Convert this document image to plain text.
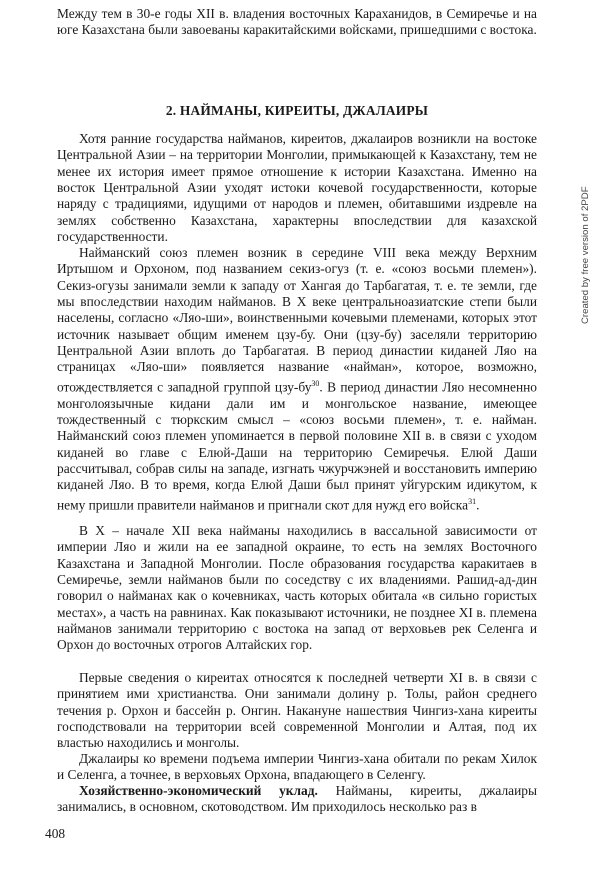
Между тем в 30-е годы XII в. владения восточных Караханидов, в Семиречье и на юге Казахстана были завоеваны каракитайскими войсками, пришедшими с востока.

2. НАЙМАНЫ, КИРЕИТЫ, ДЖАЛАИРЫ

Хотя ранние государства найманов, киреитов, джалаиров возникли на востоке Центральной Азии – на территории Монголии, примыкающей к Казахстану, тем не менее их история имеет прямое отношение к истории Казахстана. Именно на восток Центральной Азии уходят истоки кочевой государственности, которые наряду с традициями, идущими от народов и племен, обитавшими издревле на землях собственно Казахстана, характерны впоследствии для казахской государственности.

Найманский союз племен возник в середине VIII века между Верхним Иртышом и Орхоном, под названием секиз-огуз (т. е. «союз восьми племен»). Секиз-огузы занимали земли к западу от Хангая до Тарбагатая, т. е. те земли, где мы впоследствии находим найманов. В X веке центральноазиатские степи были населены, согласно «Ляо-ши», воинственными кочевыми племенами, которых этот источник называет общим именем цзу-бу. Они (цзу-бу) заселяли территорию Центральной Азии вплоть до Тарбагатая. В период династии киданей Ляо на страницах «Ляо-ши» появляется название «найман», которое, возможно, отождествляется с западной группой цзу-$бу^{30}$. В период династии Ляо несомненно монголоязычные кидани дали им и монгольское название, имеющее тождественный с тюркским смысл – «союз восьми племен», т. е. найман. Найманский союз племен упоминается в первой половине XII в. в связи с уходом киданей во главе с Елюй-Даши на территорию Семиречья. Елюй Даши рассчитывал, собрав силы на западе, изгнать чжурчжэней и восстановить империю киданей Ляо. В то время, когда Елюй Даши был принят уйгурским идикутом, к нему пришли правители найманов и пригнали скот для нужд его войска$^{31}$.

В X – начале XII века найманы находились в вассальной зависимости от империи Ляо и жили на ее западной окраине, то есть на землях Восточного Казахстана и Западной Монголии. После образования государства каракитаев в Семиречье, земли найманов были по соседству с их владениями. Рашид-ад-дин говорил о найманах как о кочевниках, часть которых обитала «в сильно гористых местах», а часть на равнинах. Как показывают источники, не позднее XI в. племена найманов занимали территорию с востока на запад от верховьев рек Селенга и Орхон до восточных отрогов Алтайских гор.

Первые сведения о киреитах относятся к последней четверти XI в. в связи с принятием ими христианства. Они занимали долину р. Толы, район среднего течения р. Орхон и бассейн р. Онгин. Накануне нашествия Чингиз-хана киреиты господствовали на территории всей современной Монголии и Алтая, под их властью находились и монголы.

Джалаиры ко времени подъема империи Чингиз-хана обитали по рекам Хилок и Селенга, а точнее, в верховьях Орхона, впадающего в Селенгу.

Хозяйственно-экономический уклад. Найманы, киреиты, джалаиры занимались, в основном, скотоводством. Им приходилось несколько раз в

408

Created by free version of 2PDF
